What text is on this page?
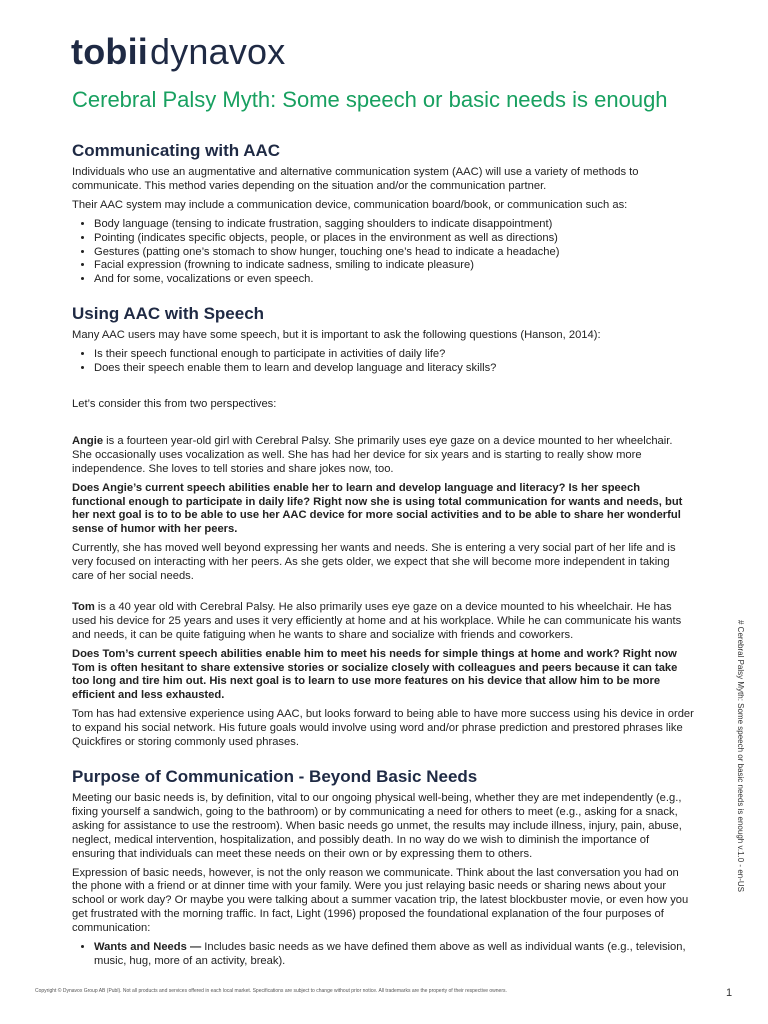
tobiidynavox
Cerebral Palsy Myth: Some speech or basic needs is enough
Communicating with AAC

Individuals who use an augmentative and alternative communication system (AAC) will use a variety of methods to communicate. This method varies depending on the situation and/or the communication partner.

Their AAC system may include a communication device, communication board/book, or communication such as:

• Body language (tensing to indicate frustration, sagging shoulders to indicate disappointment)
• Pointing (indicates specific objects, people, or places in the environment as well as directions)
• Gestures (patting one’s stomach to show hunger, touching one’s head to indicate a headache)
• Facial expression (frowning to indicate sadness, smiling to indicate pleasure)
• And for some, vocalizations or even speech.
Using AAC with Speech

Many AAC users may have some speech, but it is important to ask the following questions (Hanson, 2014):

• Is their speech functional enough to participate in activities of daily life?
• Does their speech enable them to learn and develop language and literacy skills?

Let’s consider this from two perspectives:

Angie is a fourteen year-old girl with Cerebral Palsy. She primarily uses eye gaze on a device mounted to her wheelchair. She occasionally uses vocalization as well. She has had her device for six years and is starting to really show more independence. She loves to tell stories and share jokes now, too.

Does Angie’s current speech abilities enable her to learn and develop language and literacy? Is her speech functional enough to participate in daily life? Right now she is using total communication for wants and needs, but her next goal is to to be able to use her AAC device for more social activities and to be able to share her wonderful sense of humor with her peers.

Currently, she has moved well beyond expressing her wants and needs. She is entering a very social part of her life and is very focused on interacting with her peers. As she gets older, we expect that she will become more independent in taking care of her social needs.

Tom is a 40 year old with Cerebral Palsy. He also primarily uses eye gaze on a device mounted to his wheelchair. He has used his device for 25 years and uses it very efficiently at home and at his workplace. While he can communicate his wants and needs, it can be quite fatiguing when he wants to share and socialize with friends and coworkers.

Does Tom’s current speech abilities enable him to meet his needs for simple things at home and work? Right now Tom is often hesitant to share extensive stories or socialize closely with colleagues and peers because it can take too long and tire him out. His next goal is to learn to use more features on his device that allow him to be more efficient and less exhausted.

Tom has had extensive experience using AAC, but looks forward to being able to have more success using his device in order to expand his social network. His future goals would involve using word and/or phrase prediction and prestored phrases like Quickfires or storing commonly used phrases.

Purpose of Communication - Beyond Basic Needs

Meeting our basic needs is, by definition, vital to our ongoing physical well-being, whether they are met independently (e.g., fixing yourself a sandwich, going to the bathroom) or by communicating a need for others to meet (e.g., asking for a snack, asking for assistance to use the restroom). When basic needs go unmet, the results may include illness, injury, pain, abuse, neglect, medical intervention, hospitalization, and possibly death. In no way do we wish to diminish the importance of ensuring that individuals can meet these needs on their own or by expressing them to others.

Expression of basic needs, however, is not the only reason we communicate. Think about the last conversation you had on the phone with a friend or at dinner time with your family. Were you just relaying basic needs or sharing news about your school or work day? Or maybe you were talking about a summer vacation trip, the latest blockbuster movie, or even how you get frustrated with the morning traffic. In fact, Light (1996) proposed the foundational explanation of the four purposes of communication:

• Wants and Needs — Includes basic needs as we have defined them above as well as individual wants (e.g., television, music, hug, more of an activity, break).
# Cerebral Palsy Myth: Some speech or basic needs is enough v.1.0 - en-US
Copyright © Dynavox Group AB (Publ). Not all products and services offered in each local market. Specifications are subject to change without prior notice. All trademarks are the property of their respective owners.	1
